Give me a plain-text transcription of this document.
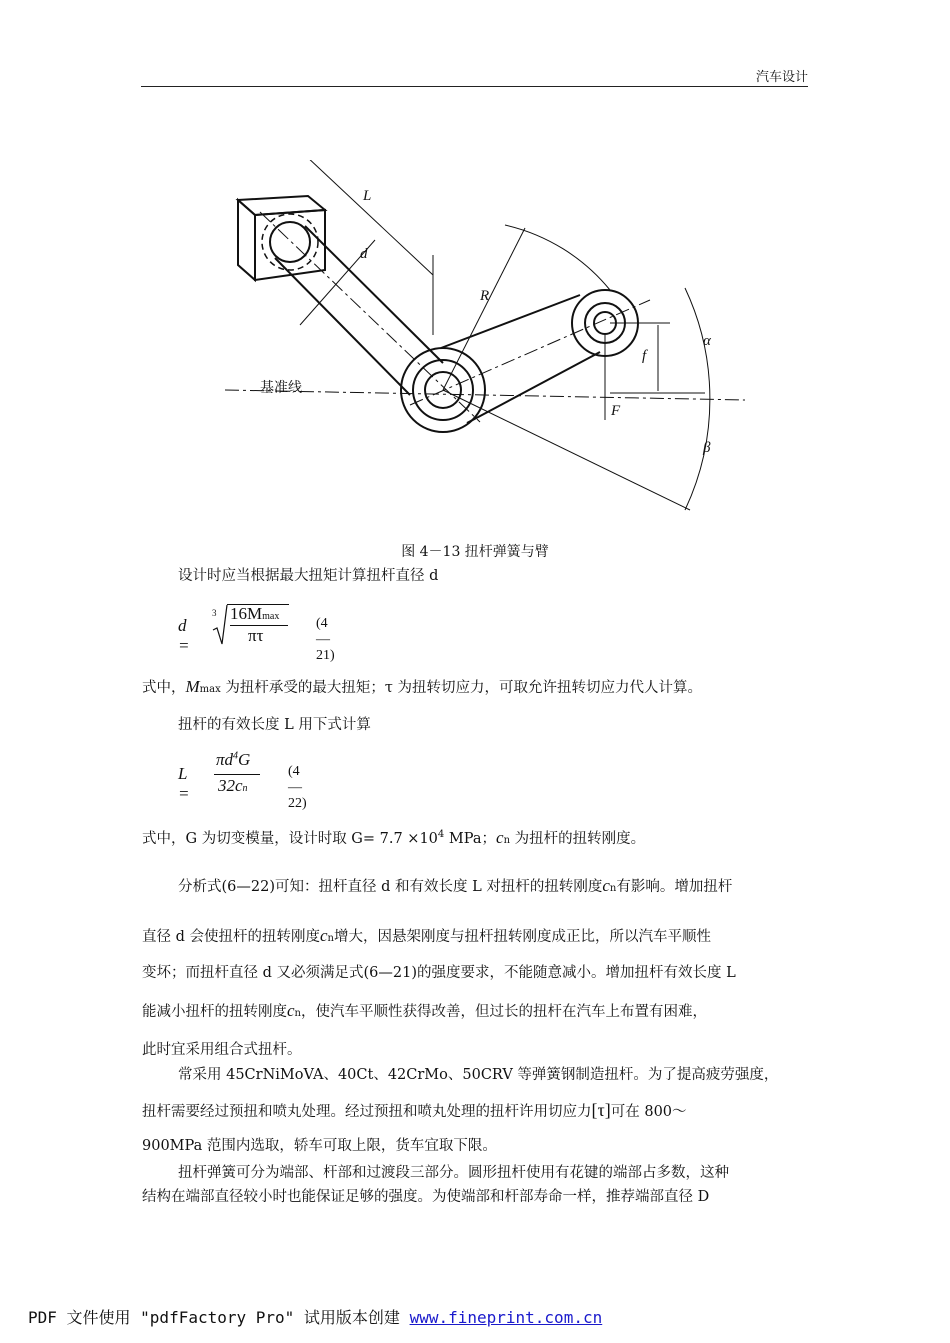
汽车设计
基准线
L
d
R
f
F
α
β
图 4－13 扭杆弹簧与臂
设计时应当根据最大扭矩计算扭杆直径 d
d =
3 16Mmax
πτ
(4—21)
式中，Mmax 为扭杆承受的最大扭矩；τ 为扭转切应力，可取允许扭转切应力代人计算。
扭杆的有效长度 L 用下式计算
L =
$\pi d^4G$
32cn
(4—22)
式中，G 为切变模量，设计时取 $G= 7.7 \times 10^4$ MPa；cn 为扭杆的扭转刚度。
分析式(6—22)可知：扭杆直径 d 和有效长度 L 对扭杆的扭转刚度cn有影响。增加扭杆
直径 d 会使扭杆的扭转刚度cn增大，因悬架刚度与扭杆扭转刚度成正比，所以汽车平顺性
变坏；而扭杆直径 d 又必须满足式(6—21)的强度要求，不能随意减小。增加扭杆有效长度 L
能减小扭杆的扭转刚度cn，使汽车平顺性获得改善，但过长的扭杆在汽车上布置有困难，
此时宜采用组合式扭杆。
常采用 45CrNiMoVA、40Ct、42CrMo、50CRV 等弹簧钢制造扭杆。为了提高疲劳强度，
扭杆需要经过预扭和喷丸处理。经过预扭和喷丸处理的扭杆许用切应力[τ]可在 800～
900MPa 范围内选取，轿车可取上限，货车宜取下限。
扭杆弹簧可分为端部、杆部和过渡段三部分。圆形扭杆使用有花键的端部占多数，这种
结构在端部直径较小时也能保证足够的强度。为使端部和杆部寿命一样，推荐端部直径 D
PDF 文件使用 "pdfFactory Pro" 试用版本创建 www.fineprint.com.cn
